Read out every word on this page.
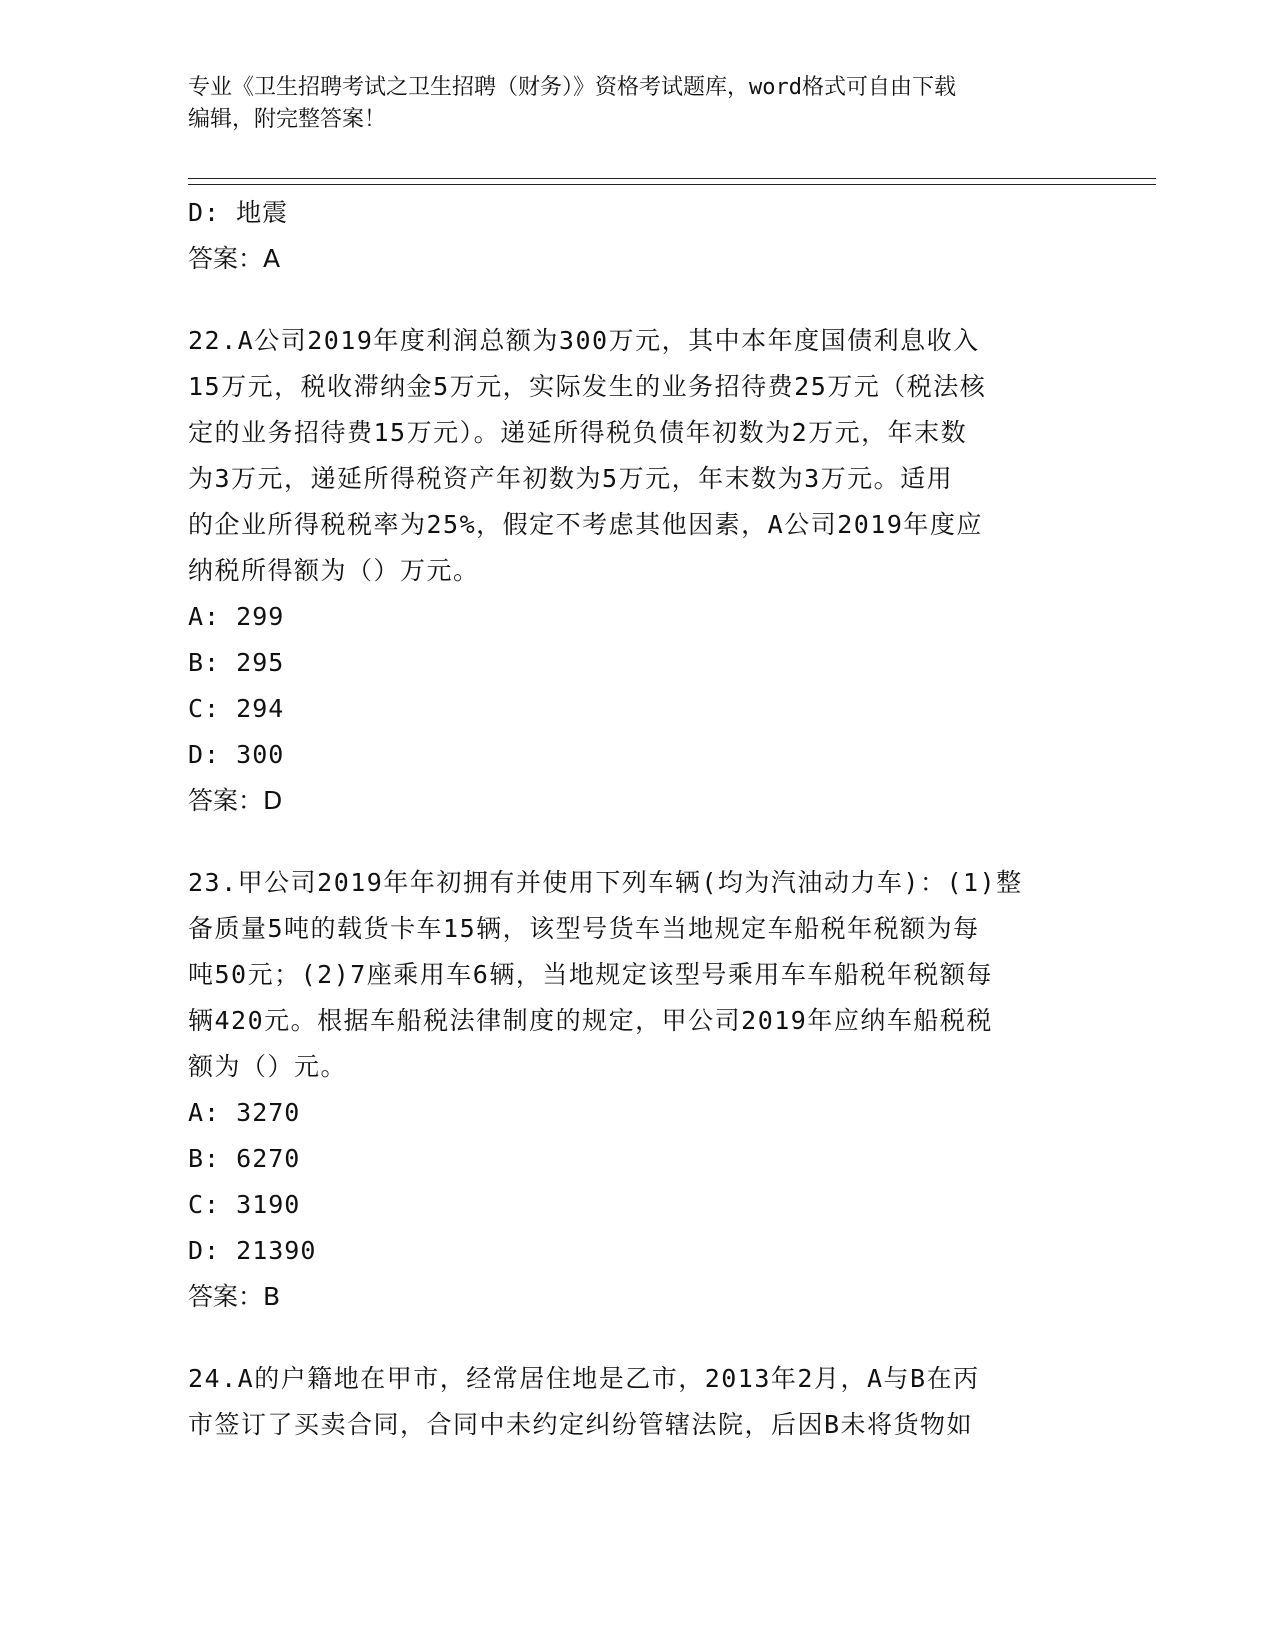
专业《卫生招聘考试之卫生招聘（财务）》资格考试题库，word格式可自由下载
编辑，附完整答案！
D: 地震
答案：A
22.A公司2019年度利润总额为300万元，其中本年度国债利息收入
15万元，税收滞纳金5万元，实际发生的业务招待费25万元（税法核
定的业务招待费15万元）。递延所得税负债年初数为2万元，年末数
为3万元，递延所得税资产年初数为5万元，年末数为3万元。适用
的企业所得税税率为25%，假定不考虑其他因素，A公司2019年度应
纳税所得额为（）万元。
A: 299
B: 295
C: 294
D: 300
答案：D
23.甲公司2019年年初拥有并使用下列车辆(均为汽油动力车)：(1)整
备质量5吨的载货卡车15辆，该型号货车当地规定车船税年税额为每
吨50元；(2)7座乘用车6辆，当地规定该型号乘用车车船税年税额每
辆420元。根据车船税法律制度的规定，甲公司2019年应纳车船税税
额为（）元。
A: 3270
B: 6270
C: 3190
D: 21390
答案：B
24.A的户籍地在甲市，经常居住地是乙市，2013年2月，A与B在丙
市签订了买卖合同，合同中未约定纠纷管辖法院，后因B未将货物如
